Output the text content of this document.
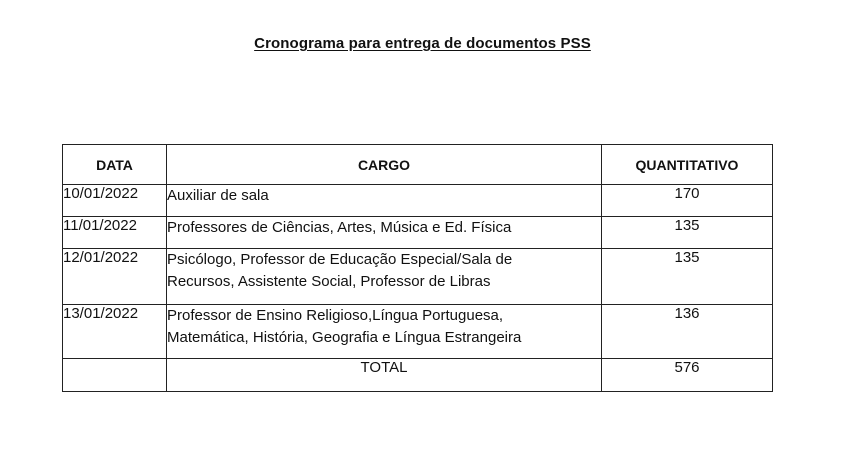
Cronograma para entrega de documentos PSS
DATA	CARGO	QUANTITATIVO
10/01/2022	Auxiliar de sala	170
11/01/2022	Professores de Ciências, Artes, Música e Ed. Física	135
12/01/2022	Psicólogo, Professor de Educação Especial/Sala de
Recursos, Assistente Social, Professor de Libras	135
13/01/2022	Professor de Ensino Religioso,Língua Portuguesa,
Matemática, História, Geografia e Língua Estrangeira	136
	TOTAL	576
